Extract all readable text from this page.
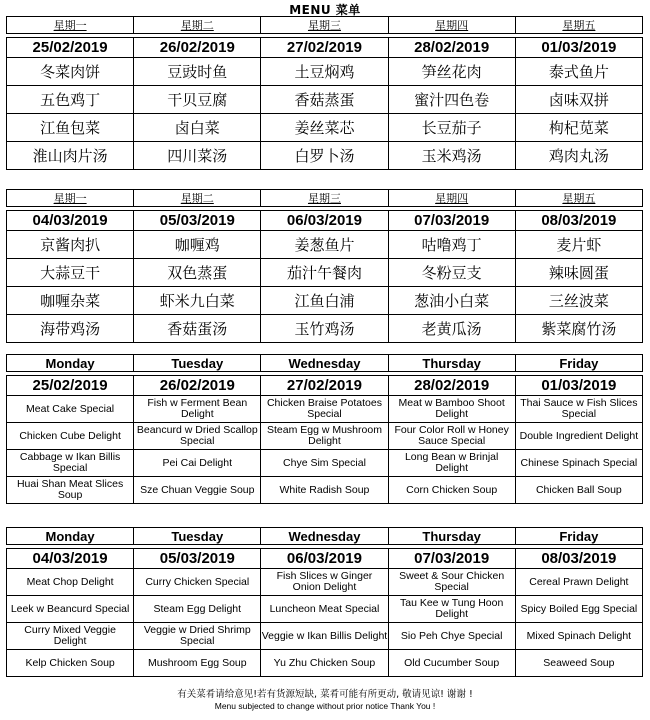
MENU 菜单
星期一	星期二	星期三	星期四	星期五

25/02/2019	26/02/2019	27/02/2019	28/02/2019	01/03/2019
冬菜肉饼	豆豉时鱼	土豆焖鸡	笋丝花肉	泰式鱼片
五色鸡丁	干贝豆腐	香菇蒸蛋	蜜汁四色卷	卤味双拼
江鱼包菜	卤白菜	姜丝菜芯	长豆茄子	枸杞苋菜
淮山肉片汤	四川菜汤	白罗卜汤	玉米鸡汤	鸡肉丸汤
星期一	星期二	星期三	星期四	星期五

04/03/2019	05/03/2019	06/03/2019	07/03/2019	08/03/2019
京酱肉扒	咖喱鸡	姜葱鱼片	咕噜鸡丁	麦片虾
大蒜豆干	双色蒸蛋	茄汁午餐肉	冬粉豆支	辣味圆蛋
咖喱杂菜	虾米九白菜	江鱼白浦	葱油小白菜	三丝波菜
海带鸡汤	香菇蛋汤	玉竹鸡汤	老黄瓜汤	紫菜腐竹汤
Monday	Tuesday	Wednesday	Thursday	Friday

25/02/2019	26/02/2019	27/02/2019	28/02/2019	01/03/2019
Meat Cake Special	Fish w Ferment Bean Delight	Chicken Braise Potatoes Special	Meat w Bamboo Shoot Delight	Thai Sauce w Fish Slices Special
Chicken Cube Delight	Beancurd w Dried Scallop Special	Steam Egg w Mushroom Delight	Four Color Roll w Honey Sauce Special	Double Ingredient Delight
Cabbage w Ikan Billis Special	Pei Cai Delight	Chye Sim Special	Long Bean w Brinjal Delight	Chinese Spinach Special
Huai Shan Meat Slices Soup	Sze Chuan Veggie Soup	White Radish Soup	Corn Chicken Soup	Chicken Ball Soup
Monday	Tuesday	Wednesday	Thursday	Friday

04/03/2019	05/03/2019	06/03/2019	07/03/2019	08/03/2019
Meat Chop Delight	Curry Chicken Special	Fish Slices w Ginger Onion Delight	Sweet & Sour Chicken Special	Cereal Prawn Delight
Leek w Beancurd Special	Steam Egg Delight	Luncheon Meat Special	Tau Kee w Tung Hoon Delight	Spicy Boiled Egg Special
Curry Mixed Veggie Delight	Veggie w Dried Shrimp Special	Veggie w Ikan Billis Delight	Sio Peh Chye Special	Mixed Spinach Delight
Kelp Chicken Soup	Mushroom Egg Soup	Yu Zhu Chicken Soup	Old Cucumber Soup	Seaweed Soup
有关菜肴请给意见!若有货源短缺, 菜肴可能有所更动, 敬请见谅! 谢谢 !
Menu subjected to change without prior notice Thank You !
